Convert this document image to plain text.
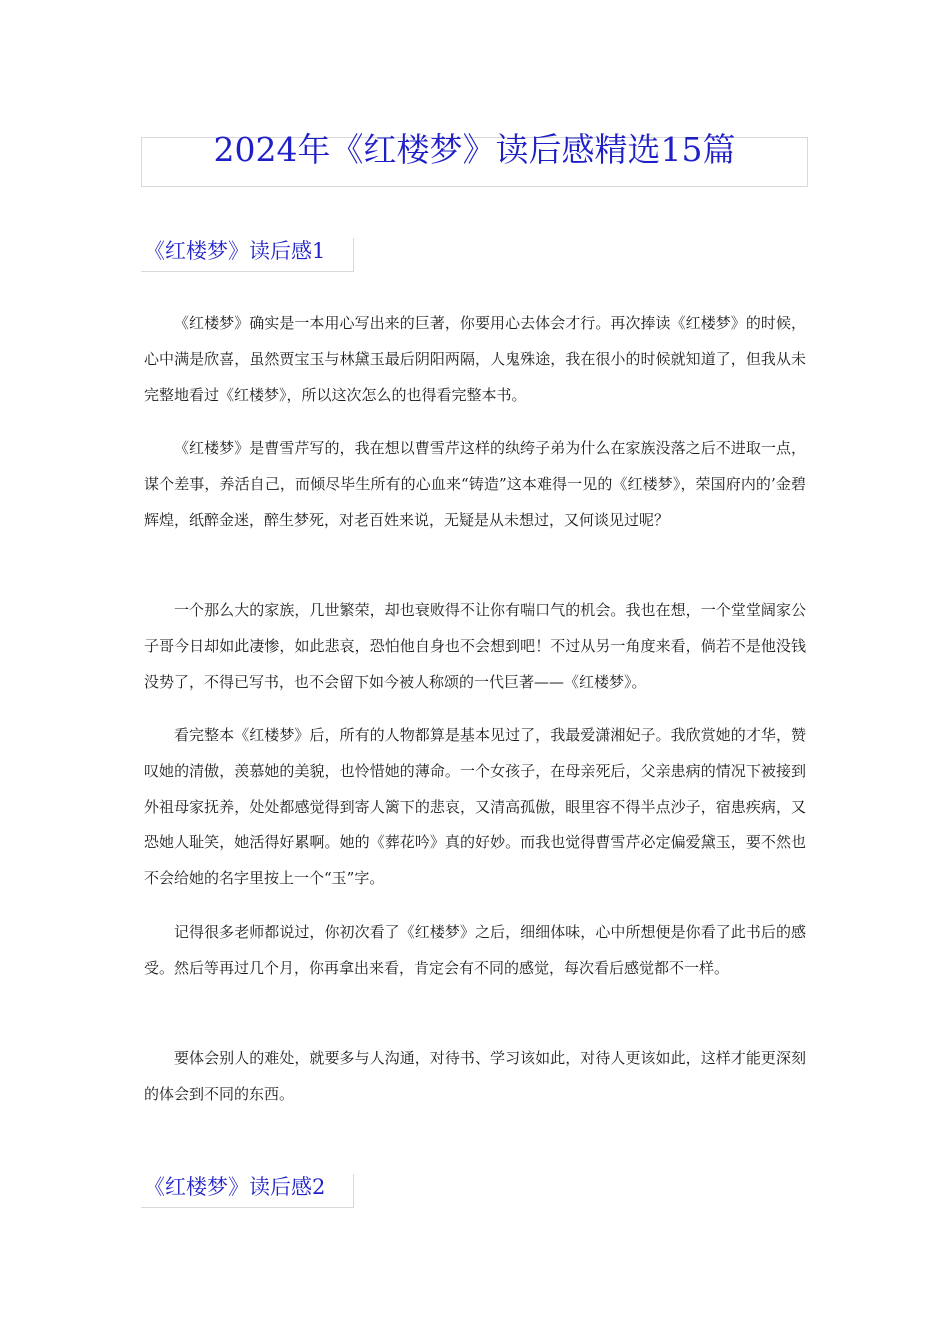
2024年《红楼梦》读后感精选15篇
《红楼梦》读后感1

《红楼梦》确实是一本用心写出来的巨著，你要用心去体会才行。再次捧读《红楼梦》的时候，心中满是欣喜，虽然贾宝玉与林黛玉最后阴阳两隔，人鬼殊途，我在很小的时候就知道了，但我从未完整地看过《红楼梦》，所以这次怎么的也得看完整本书。

《红楼梦》是曹雪芹写的，我在想以曹雪芹这样的纨绔子弟为什么在家族没落之后不进取一点，谋个差事，养活自己，而倾尽毕生所有的心血来“铸造”这本难得一见的《红楼梦》，荣国府内的’金碧辉煌，纸醉金迷，醉生梦死，对老百姓来说，无疑是从未想过，又何谈见过呢？

一个那么大的家族，几世繁荣，却也衰败得不让你有喘口气的机会。我也在想，一个堂堂阔家公子哥今日却如此凄惨，如此悲哀，恐怕他自身也不会想到吧！不过从另一角度来看，倘若不是他没钱没势了，不得已写书，也不会留下如今被人称颂的一代巨著——《红楼梦》。

看完整本《红楼梦》后，所有的人物都算是基本见过了，我最爱潇湘妃子。我欣赏她的才华，赞叹她的清傲，羡慕她的美貌，也怜惜她的薄命。一个女孩子，在母亲死后，父亲患病的情况下被接到外祖母家抚养，处处都感觉得到寄人篱下的悲哀，又清高孤傲，眼里容不得半点沙子，宿患疾病，又恐她人耻笑，她活得好累啊。她的《葬花吟》真的好妙。而我也觉得曹雪芹必定偏爱黛玉，要不然也不会给她的名字里按上一个“玉”字。

记得很多老师都说过，你初次看了《红楼梦》之后，细细体味，心中所想便是你看了此书后的感受。然后等再过几个月，你再拿出来看，肯定会有不同的感觉，每次看后感觉都不一样。

要体会别人的难处，就要多与人沟通，对待书、学习该如此，对待人更该如此，这样才能更深刻的体会到不同的东西。

《红楼梦》读后感2
